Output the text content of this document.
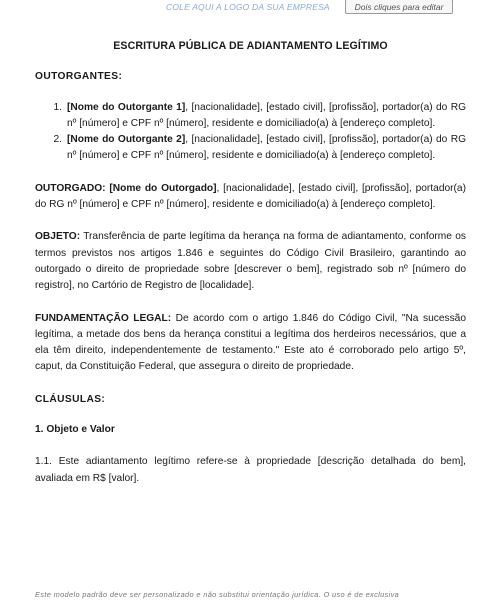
COLE AQUI A LOGO DA SUA EMPRESA	Dois cliques para editar
ESCRITURA PÚBLICA DE ADIANTAMENTO LEGÍTIMO
OUTORGANTES:
1. [Nome do Outorgante 1], [nacionalidade], [estado civil], [profissão], portador(a) do RG nº [número] e CPF nº [número], residente e domiciliado(a) à [endereço completo].
2. [Nome do Outorgante 2], [nacionalidade], [estado civil], [profissão], portador(a) do RG nº [número] e CPF nº [número], residente e domiciliado(a) à [endereço completo].
OUTORGADO: [Nome do Outorgado], [nacionalidade], [estado civil], [profissão], portador(a) do RG nº [número] e CPF nº [número], residente e domiciliado(a) à [endereço completo].
OBJETO: Transferência de parte legítima da herança na forma de adiantamento, conforme os termos previstos nos artigos 1.846 e seguintes do Código Civil Brasileiro, garantindo ao outorgado o direito de propriedade sobre [descrever o bem], registrado sob nº [número do registro], no Cartório de Registro de [localidade].
FUNDAMENTAÇÃO LEGAL: De acordo com o artigo 1.846 do Código Civil, "Na sucessão legítima, a metade dos bens da herança constitui a legítima dos herdeiros necessários, que a ela têm direito, independentemente de testamento." Este ato é corroborado pelo artigo 5º, caput, da Constituição Federal, que assegura o direito de propriedade.
CLÁUSULAS:
1. Objeto e Valor
1.1. Este adiantamento legítimo refere-se à propriedade [descrição detalhada do bem], avaliada em R$ [valor].
Este modelo padrão deve ser personalizado e não substitui orientação jurídica. O uso é de exclusiva
